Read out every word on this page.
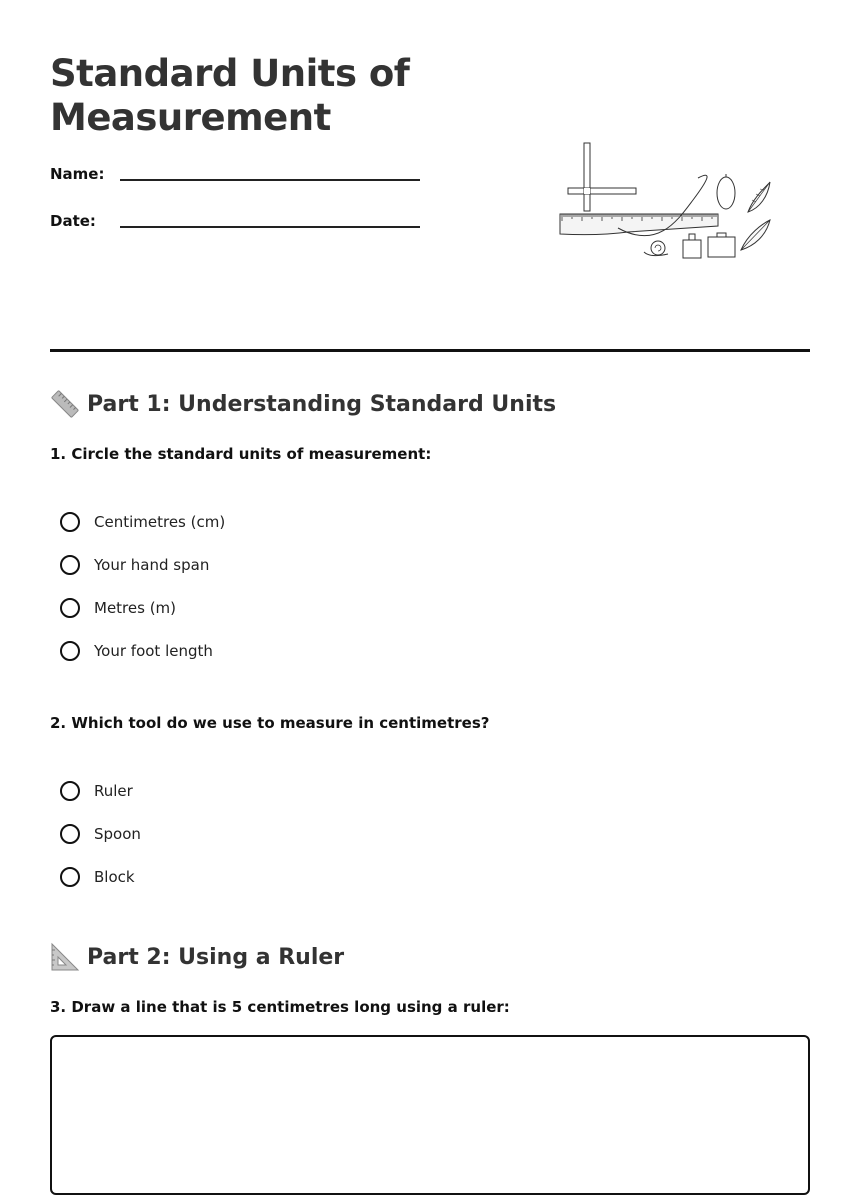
Standard Units of Measurement
Name:
Date:
Part 1: Understanding Standard Units
1. Circle the standard units of measurement:
Centimetres (cm)
Your hand span
Metres (m)
Your foot length
2. Which tool do we use to measure in centimetres?
Ruler
Spoon
Block
Part 2: Using a Ruler
3. Draw a line that is 5 centimetres long using a ruler:
